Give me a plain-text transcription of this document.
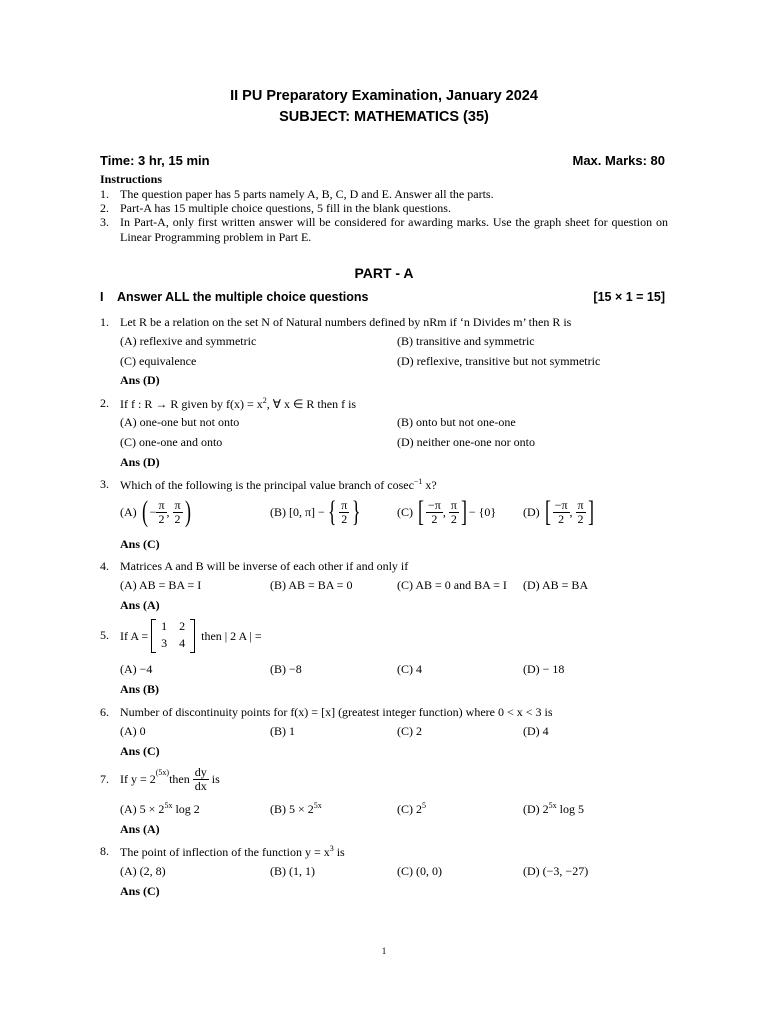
II PU Preparatory Examination, January 2024
SUBJECT: MATHEMATICS (35)
Time: 3 hr, 15 min	Max. Marks: 80
Instructions
1. The question paper has 5 parts namely A, B, C, D and E. Answer all the parts.
2. Part-A has 15 multiple choice questions, 5 fill in the blank questions.
3. In Part-A, only first written answer will be considered for awarding marks. Use the graph sheet for question on
Linear Programming problem in Part E.
PART - A
I Answer ALL the multiple choice questions	[15 × 1 = 15]
1. Let R be a relation on the set N of Natural numbers defined by nRm if ‘n Divides m’ then R is
(A) reflexive and symmetric	(B) transitive and symmetric
(C) equivalence	(D) reflexive, transitive but not symmetric
Ans (D)
2. If f : R → R given by $f(x) = x^2$, ∀ x ∈ R then f is
(A) one-one but not onto	(B) onto but not one-one
(C) one-one and onto	(D) neither one-one nor onto
Ans (D)
3. Which of the following is the principal value branch of cosec$^{-1}$ x?
(A) ( − $\frac{\pi}{2}$ , $\frac{\pi}{2}$ )	(B)
[0, π] − { $\frac{\pi}{2}$ }	(C) [ $\frac{-\pi}{2}$ , $\frac{\pi}{2}$ ] − {0} (D) [ $\frac{-\pi}{2}$ , $\frac{\pi}{2}$ ]
Ans (C)
4. Matrices A and B will be inverse of each other if and only if
(A) AB = BA = I	(B) AB = BA = 0	(C) AB = 0 and BA = I (D) AB = BA
Ans (A)
5. If A =
1	2
3	4
then | 2 A | =
(A) −4	(B) −8	(C) 4	(D) − 18
Ans (B)
6. Number of discontinuity points for f(x) = [x] (greatest integer function) where 0 < x < 3 is
(A) 0	(B) 1	(C) 2	(D) 4
Ans (C)
7. If $y = 2^{(5x)}$ then
$\frac{dy}{dx}$
is
(A) $5 \times 2^{5x}$ log 2	(B) $5 \times 2^{5x}$	(C) $2^5$	(D) $2^{5x}$ log 5
Ans (A)
8. The point of inflection of the function $y = x^3$ is
(A) (2, 8)	(B) (1, 1)	(C) (0, 0)	(D) (−3, −27)
Ans (C)
1
